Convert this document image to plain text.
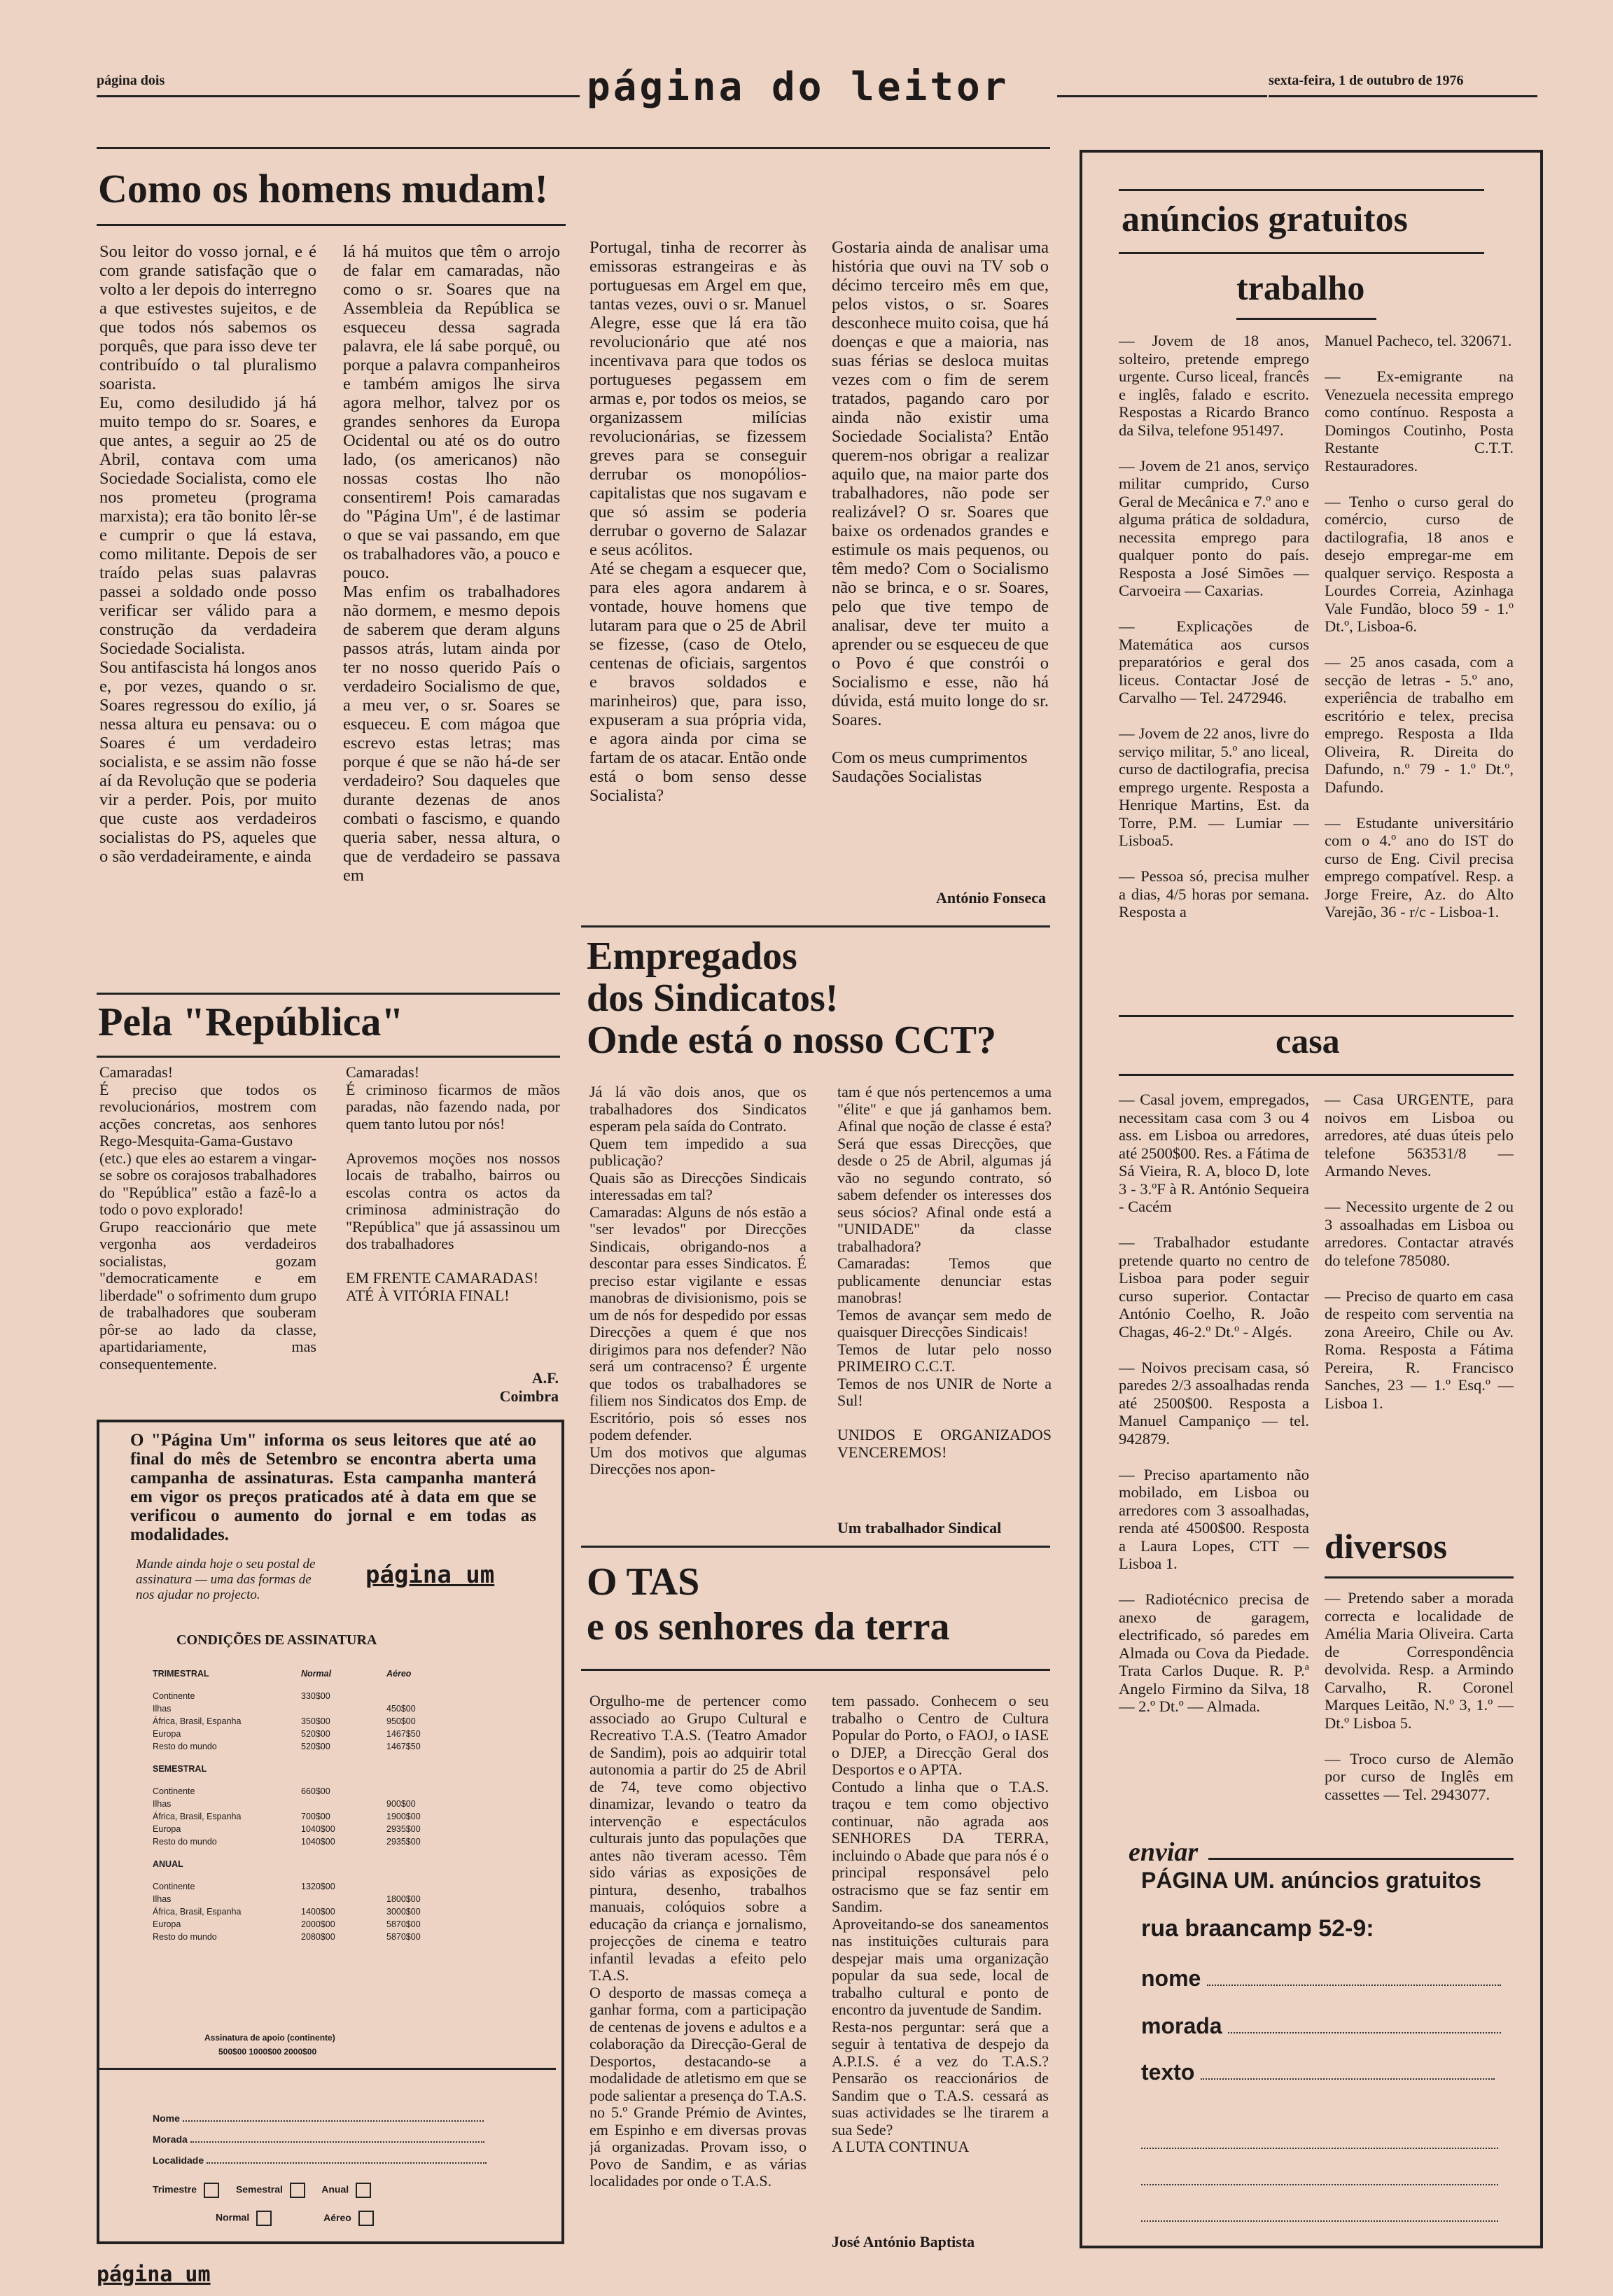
página dois	página do leitor	sexta-feira, 1 de outubro de 1976
Como os homens mudam!
Sou leitor do vosso jornal, e é com grande satisfação que o volto a ler depois do interregno a que estivestes sujeitos, e de que todos nós sabemos os porquês, que para isso deve ter contribuído o tal pluralismo soarista.
Eu, como desiludido já há muito tempo do sr. Soares, e que antes, a seguir ao 25 de Abril, contava com uma Sociedade Socialista, como ele nos prometeu (programa marxista); era tão bonito lêr-se e cumprir o que lá estava, como militante. Depois de ser traído pelas suas palavras passei a soldado onde posso verificar ser válido para a construção da verdadeira Sociedade Socialista.
Sou antifascista há longos anos e, por vezes, quando o sr. Soares regressou do exílio, já nessa altura eu pensava: ou o Soares é um verdadeiro socialista, e se assim não fosse aí da Revolução que se poderia vir a perder. Pois, por muito que custe aos verdadeiros socialistas do PS, aqueles que o são verdadeiramente, e ainda
lá há muitos que têm o arrojo de falar em camaradas, não como o sr. Soares que na Assembleia da República se esqueceu dessa sagrada palavra, ele lá sabe porquê, ou porque a palavra companheiros e também amigos lhe sirva agora melhor, talvez por os grandes senhores da Europa Ocidental ou até os do outro lado, (os americanos) não nossas costas lho não consentirem! Pois camaradas do "Página Um", é de lastimar o que se vai passando, em que os trabalhadores vão, a pouco e pouco.
Mas enfim os trabalhadores não dormem, e mesmo depois de saberem que deram alguns passos atrás, lutam ainda por ter no nosso querido País o verdadeiro Socialismo de que, a meu ver, o sr. Soares se esqueceu. E com mágoa que escrevo estas letras; mas porque é que se não há-de ser verdadeiro? Sou daqueles que durante dezenas de anos combati o fascismo, e quando queria saber, nessa altura, o que de verdadeiro se passava em
Portugal, tinha de recorrer às emissoras estrangeiras e às portuguesas em Argel em que, tantas vezes, ouvi o sr. Manuel Alegre, esse que lá era tão revolucionário que até nos incentivava para que todos os portugueses pegassem em armas e, por todos os meios, se organizassem milícias revolucionárias, se fizessem greves para se conseguir derrubar os monopólios-capitalistas que nos sugavam e que só assim se poderia derrubar o governo de Salazar e seus acólitos.
Até se chegam a esquecer que, para eles agora andarem à vontade, houve homens que lutaram para que o 25 de Abril se fizesse, (caso de Otelo, centenas de oficiais, sargentos e bravos soldados e marinheiros) que, para isso, expuseram a sua própria vida, e agora ainda por cima se fartam de os atacar. Então onde está o bom senso desse Socialista?
Gostaria ainda de analisar uma história que ouvi na TV sob o décimo terceiro mês em que, pelos vistos, o sr. Soares desconhece muito coisa, que há doenças e que a maioria, nas suas férias se desloca muitas vezes com o fim de serem tratados, pagando caro por ainda não existir uma Sociedade Socialista? Então querem-nos obrigar a realizar aquilo que, na maior parte dos trabalhadores, não pode ser realizável? O sr. Soares que baixe os ordenados grandes e estimule os mais pequenos, ou têm medo? Com o Socialismo não se brinca, e o sr. Soares, pelo que tive tempo de analisar, deve ter muito a aprender ou se esqueceu de que o Povo é que constrói o Socialismo e esse, não há dúvida, está muito longe do sr. Soares.

Com os meus cumprimentos
Saudações Socialistas
António Fonseca
Pela "República"
Camaradas!
É preciso que todos os revolucionários, mostrem com acções concretas, aos senhores Rego-Mesquita-Gama-Gustavo (etc.) que eles ao estarem a vingar-se sobre os corajosos trabalhadores do "República" estão a fazê-lo a todo o povo explorado!
Grupo reaccionário que mete vergonha aos verdadeiros socialistas, gozam "democraticamente e em liberdade" o sofrimento dum grupo de trabalhadores que souberam pôr-se ao lado da classe, apartidariamente, mas consequentemente.
Camaradas!
É criminoso ficarmos de mãos paradas, não fazendo nada, por quem tanto lutou por nós!

Aprovemos moções nos nossos locais de trabalho, bairros ou escolas contra os actos da criminosa administração do "República" que já assassinou um dos trabalhadores

EM FRENTE CAMARADAS!
ATÉ À VITÓRIA FINAL!
A.F.
Coimbra
O "Página Um" informa os seus leitores que até ao final do mês de Setembro se encontra aberta uma campanha de assinaturas. Esta campanha manterá em vigor os preços praticados até à data em que se verificou o aumento do jornal e em todas as modalidades.
Mande ainda hoje o seu postal de assinatura — uma das formas de nos ajudar no projecto.
página um
CONDIÇÕES DE ASSINATURA
TRIMESTRAL	Normal	Aéreo

Continente	330$00	
Ilhas		450$00
África, Brasil, Espanha	350$00	950$00
Europa	520$00	1467$50
Resto do mundo	520$00	1467$50
SEMESTRAL		

Continente	660$00	
Ilhas		900$00
África, Brasil, Espanha	700$00	1900$00
Europa	1040$00	2935$00
Resto do mundo	1040$00	2935$00
ANUAL		

Continente	1320$00	
Ilhas		1800$00
África, Brasil, Espanha	1400$00	3000$00
Europa	2000$00	5870$00
Resto do mundo	2080$00	5870$00
Assinatura de apoio (continente)
500$00 1000$00 2000$00
Nome
Morada
Localidade
Trimestre	Semestral	Anual
Normal	Aéreo
página um
Empregados
dos Sindicatos!
Onde está o nosso CCT?
Já lá vão dois anos, que os trabalhadores dos Sindicatos esperam pela saída do Contrato.
Quem tem impedido a sua publicação?
Quais são as Direcções Sindicais interessadas em tal?
Camaradas: Alguns de nós estão a "ser levados" por Direcções Sindicais, obrigando-nos a descontar para esses Sindicatos. É preciso estar vigilante e essas manobras de divisionismo, pois se um de nós for despedido por essas Direcções a quem é que nos dirigimos para nos defender? Não será um contracenso? É urgente que todos os trabalhadores se filiem nos Sindicatos dos Emp. de Escritório, pois só esses nos podem defender.
Um dos motivos que algumas Direcções nos apon-
tam é que nós pertencemos a uma "élite" e que já ganhamos bem. Afinal que noção de classe é esta? Será que essas Direcções, que desde o 25 de Abril, algumas já vão no segundo contrato, só sabem defender os interesses dos seus sócios? Afinal onde está a "UNIDADE" da classe trabalhadora?
Camaradas: Temos que publicamente denunciar estas manobras!
Temos de avançar sem medo de quaisquer Direcções Sindicais!
Temos de lutar pelo nosso PRIMEIRO C.C.T.
Temos de nos UNIR de Norte a Sul!

UNIDOS E ORGANIZADOS VENCEREMOS!
Um trabalhador Sindical
O TAS
e os senhores da terra
Orgulho-me de pertencer como associado ao Grupo Cultural e Recreativo T.A.S. (Teatro Amador de Sandim), pois ao adquirir total autonomia a partir do 25 de Abril de 74, teve como objectivo dinamizar, levando o teatro da intervenção e espectáculos culturais junto das populações que antes não tiveram acesso. Têm sido várias as exposições de pintura, desenho, trabalhos manuais, colóquios sobre a educação da criança e jornalismo, projecções de cinema e teatro infantil levadas a efeito pelo T.A.S.
O desporto de massas começa a ganhar forma, com a participação de centenas de jovens e adultos e a colaboração da Direcção-Geral de Desportos, destacando-se a modalidade de atletismo em que se pode salientar a presença do T.A.S. no 5.º Grande Prémio de Avintes, em Espinho e em diversas provas já organizadas. Provam isso, o Povo de Sandim, e as várias localidades por onde o T.A.S.
tem passado. Conhecem o seu trabalho o Centro de Cultura Popular do Porto, o FAOJ, o IASE o DJEP, a Direcção Geral dos Desportos e o APTA.
Contudo a linha que o T.A.S. traçou e tem como objectivo continuar, não agrada aos SENHORES DA TERRA, incluindo o Abade que para nós é o principal responsável pelo ostracismo que se faz sentir em Sandim.
Aproveitando-se dos saneamentos nas instituições culturais para despejar mais uma organização popular da sua sede, local de trabalho cultural e ponto de encontro da juventude de Sandim.
Resta-nos perguntar: será que a seguir à tentativa de despejo da A.P.I.S. é a vez do T.A.S.? Pensarão os reaccionários de Sandim que o T.A.S. cessará as suas actividades se lhe tirarem a sua Sede?
A LUTA CONTINUA
José António Baptista
anúncios gratuitos
trabalho
— Jovem de 18 anos, solteiro, pretende emprego urgente. Curso liceal, francês e inglês, falado e escrito. Respostas a Ricardo Branco da Silva, telefone 951497.

— Jovem de 21 anos, serviço militar cumprido, Curso Geral de Mecânica e 7.º ano e alguma prática de soldadura, necessita emprego para qualquer ponto do país. Resposta a José Simões — Carvoeira — Caxarias.

— Explicações de Matemática aos cursos preparatórios e geral dos liceus. Contactar José de Carvalho — Tel. 2472946.

— Jovem de 22 anos, livre do serviço militar, 5.º ano liceal, curso de dactilografia, precisa emprego urgente. Resposta a Henrique Martins, Est. da Torre, P.M. — Lumiar — Lisboa5.

— Pessoa só, precisa mulher a dias, 4/5 horas por semana. Resposta a
Manuel Pacheco, tel. 320671.

— Ex-emigrante na Venezuela necessita emprego como contínuo. Resposta a Domingos Coutinho, Posta Restante C.T.T. Restauradores.

— Tenho o curso geral do comércio, curso de dactilografia, 18 anos e desejo empregar-me em qualquer serviço. Resposta a Lourdes Correia, Azinhaga Vale Fundão, bloco 59 - 1.º Dt.º, Lisboa-6.

— 25 anos casada, com a secção de letras - 5.º ano, experiência de trabalho em escritório e telex, precisa emprego. Resposta a Ilda Oliveira, R. Direita do Dafundo, n.º 79 - 1.º Dt.º, Dafundo.

— Estudante universitário com o 4.º ano do IST do curso de Eng. Civil precisa emprego compatível. Resp. a Jorge Freire, Az. do Alto Varejão, 36 - r/c - Lisboa-1.
casa
— Casal jovem, empregados, necessitam casa com 3 ou 4 ass. em Lisboa ou arredores, até 2500$00. Res. a Fátima de Sá Vieira, R. A, bloco D, lote 3 - 3.ºF à R. António Sequeira - Cacém

— Trabalhador estudante pretende quarto no centro de Lisboa para poder seguir curso superior. Contactar António Coelho, R. João Chagas, 46-2.º Dt.º - Algés.

— Noivos precisam casa, só paredes 2/3 assoalhadas renda até 2500$00. Resposta a Manuel Campaniço — tel. 942879.

— Preciso apartamento não mobilado, em Lisboa ou arredores com 3 assoalhadas, renda até 4500$00. Resposta a Laura Lopes, CTT — Lisboa 1.

— Radiotécnico precisa de anexo de garagem, electrificado, só paredes em Almada ou Cova da Piedade. Trata Carlos Duque. R. P.ª Angelo Firmino da Silva, 18 — 2.º Dt.º — Almada.
— Casa URGENTE, para noivos em Lisboa ou arredores, até duas úteis pelo telefone 563531/8 — Armando Neves.

— Necessito urgente de 2 ou 3 assoalhadas em Lisboa ou arredores. Contactar através do telefone 785080.

— Preciso de quarto em casa de respeito com serventia na zona Areeiro, Chile ou Av. Roma. Resposta a Fátima Pereira, R. Francisco Sanches, 23 — 1.º Esq.º — Lisboa 1.
diversos
— Pretendo saber a morada correcta e localidade de Amélia Maria Oliveira. Carta de Correspondência devolvida. Resp. a Armindo Carvalho, R. Coronel Marques Leitão, N.º 3, 1.º — Dt.º Lisboa 5.

— Troco curso de Alemão por curso de Inglês em cassettes — Tel. 2943077.
enviar
PÁGINA UM. anúncios gratuitos
rua braancamp 52-9:
nome
morada
texto
